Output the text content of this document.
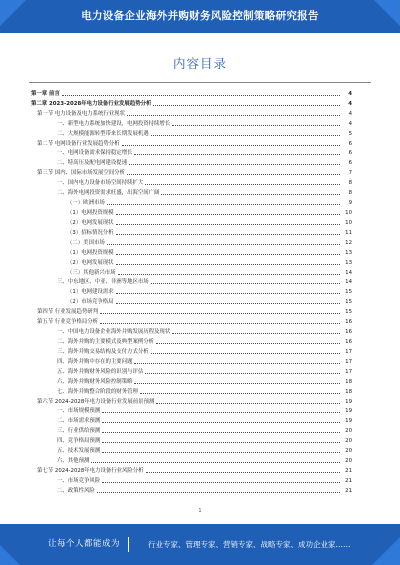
电力设备企业海外并购财务风险控制策略研究报告
内容目录
第一章 前言	4
第二章 2023-2028年电力设备行业发展趋势分析	4
第一节 电力设备及电力系统行业现状	4
一、新型电力系统加快建设，电网投资持续增长	4
二、大规模能源转型带来长期发展机遇	5
第二节 电网设备行业发展趋势分析	6
一、电网设备需求保持稳定增长	6
二、特高压及配电网建设提速	6
第三节 国内、国际市场发展空间分析	7
一、国内电力设备市场空间持续扩大	8
二、海外电网投资需求旺盛，出海空间广阔	8
（一）欧洲市场	9
（1）电网投资规模	10
（2）电网发展现状	10
（3）招标情况分析	11
（二）美国市场	12
（1）电网投资规模	13
（2）电网发展现状	13
（三）其他新兴市场	14
三、中东地区、中亚、非洲等地区市场	14
（1）电网建设需求	15
（2）市场竞争格局	15
第四节 行业发展趋势研判	15
第五节 行业竞争格局分析	16
一、中国电力设备企业海外并购发展历程及现状	16
二、海外并购的主要模式及典型案例分析	16
三、海外并购交易结构及支付方式分析	17
四、海外并购中存在的主要问题	17
五、海外并购财务风险的识别与评估	17
六、海外并购财务风险控制策略	18
七、海外并购整合阶段的财务管理	18
第六节 2024-2028年电力设备行业发展前景预测	19
一、市场规模预测	19
二、市场需求预测	19
三、行业供给预测	20
四、竞争格局预测	20
五、技术发展预测	20
六、其他预测	20
第七节 2024-2028年电力设备行业风险分析	21
一、市场竞争风险	21
二、政策性风险	21
1
让每个人都能成为	行业专家、管理专家、营销专家、战略专家、成功企业家……
